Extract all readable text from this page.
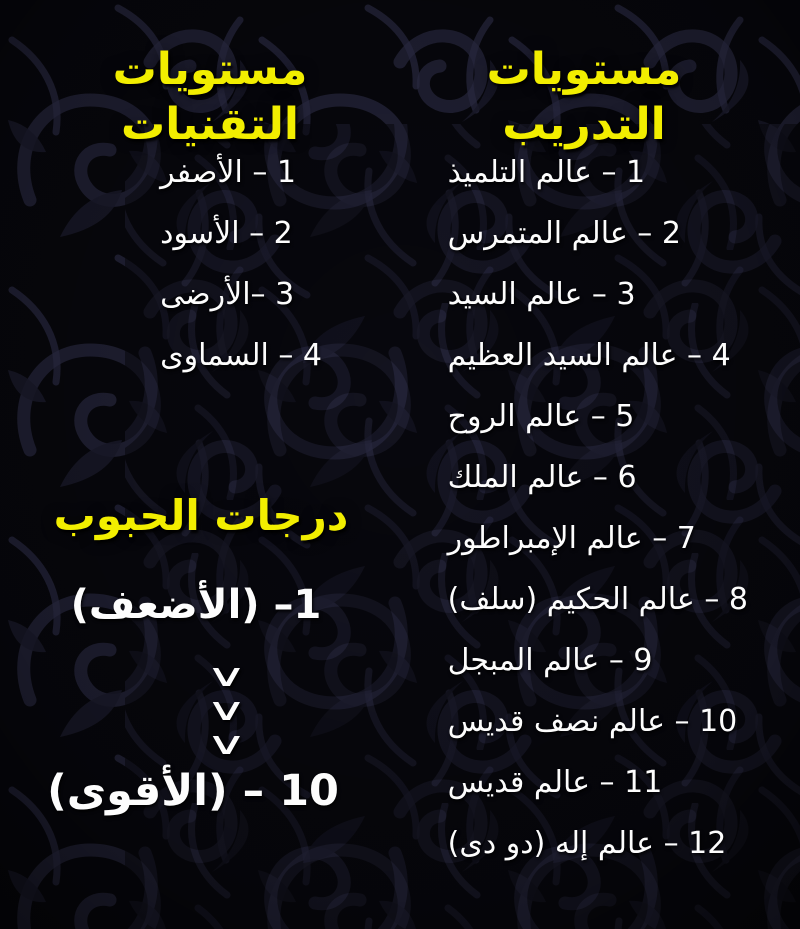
مستويات التدريب
1 – عالم التلميذ
2 – عالم المتمرس
3 – عالم السيد
4 – عالم السيد العظيم
5 – عالم الروح
6 – عالم الملك
7 – عالم الإمبراطور
8 – عالم الحكيم (سلف)
9 – عالم المبجل
10 – عالم نصف قديس
11 – عالم قديس
12 – عالم إله (دو دى)
مستويات التقنيات
1 – الأصفر
2 – الأسود
3 –الأرضى
4 – السماوى
درجات الحبوب
1– (الأضعف)
∨
∨
∨
10 – (الأقوى)
